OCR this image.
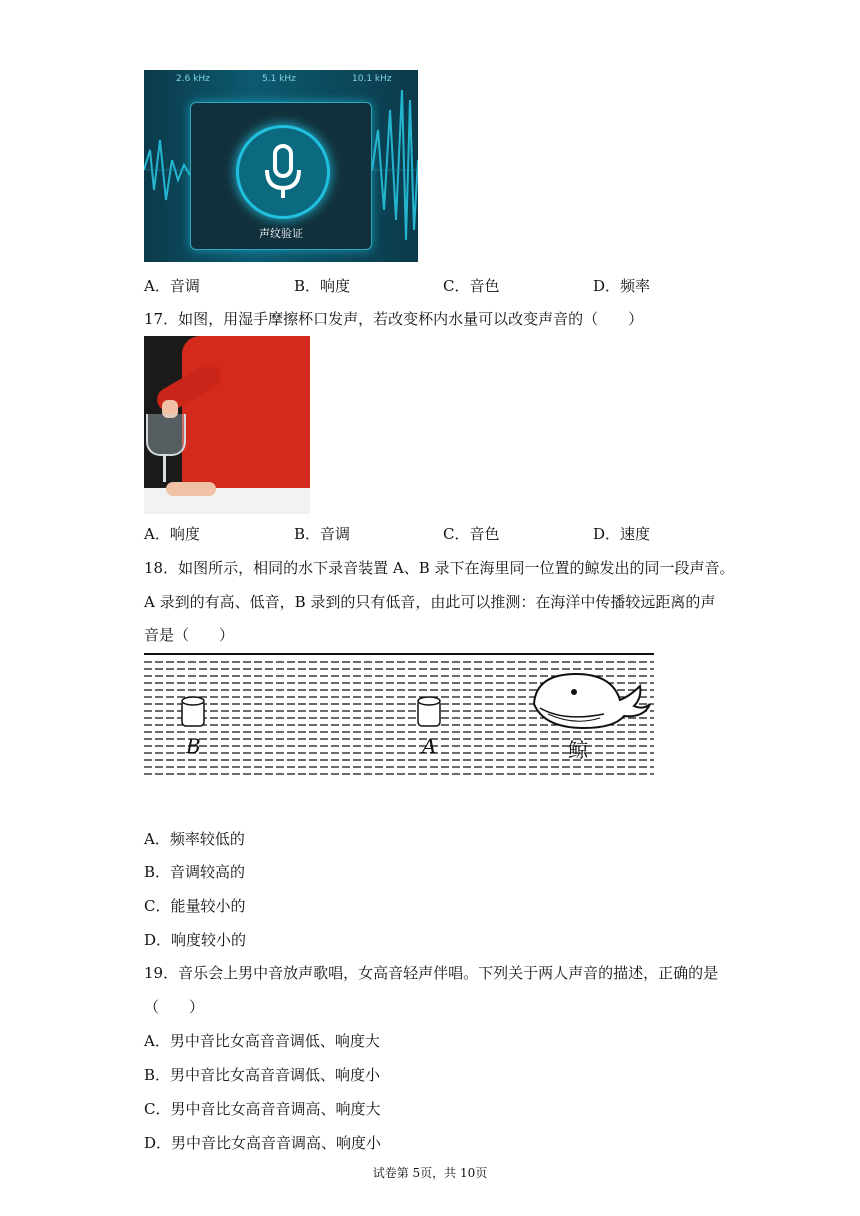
2.6 kHz	5.1 kHz	10.1 kHz
声纹验证
A．音调	B．响度	C．音色	D．频率
17．如图，用湿手摩擦杯口发声，若改变杯内水量可以改变声音的（　　）
A．响度	B．音调	C．音色	D．速度
18．如图所示，相同的水下录音装置 A、B 录下在海里同一位置的鲸发出的同一段声音。
A 录到的有高、低音，B 录到的只有低音，由此可以推测：在海洋中传播较远距离的声
音是（　　）
B	A	鲸
A．频率较低的
B．音调较高的
C．能量较小的
D．响度较小的
19．音乐会上男中音放声歌唱，女高音轻声伴唱。下列关于两人声音的描述，正确的是
（　　）
A．男中音比女高音音调低、响度大
B．男中音比女高音音调低、响度小
C．男中音比女高音音调高、响度大
D．男中音比女高音音调高、响度小
试卷第 5页，共 10页
